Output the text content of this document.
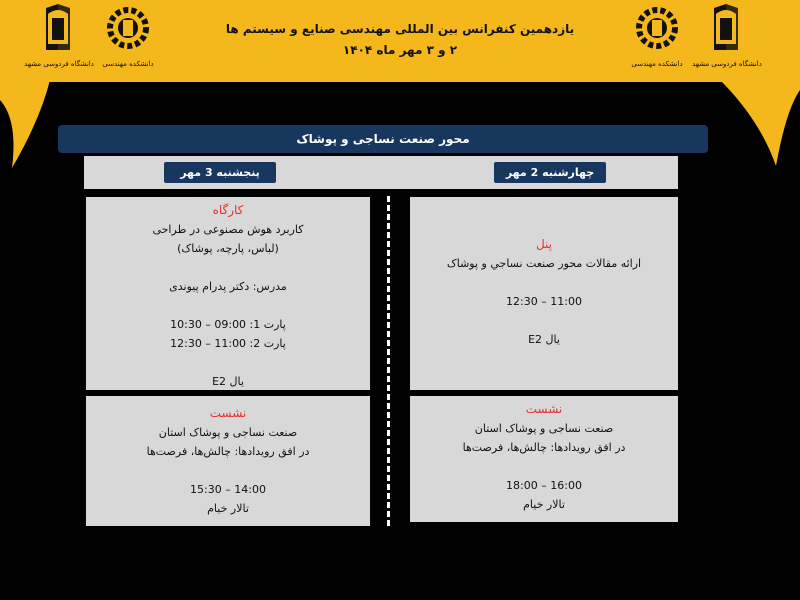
دانشگاه فردوسی مشهد دانشکده مهندسی
یازدهمین کنفرانس بین المللی مهندسی صنایع و سیستم ها
۲ و ۳ مهر ماه ۱۴۰۴
دانشکده مهندسی دانشگاه فردوسی مشهد
محور صنعت نساجی و پوشاک
پنجشنبه 3 مهر	چهارشنبه 2 مهر
کارگاه
کاربرد هوش مصنوعی در طراحی
(لباس، پارچه، پوشاک)
مدرس: دکتر پدرام پیوندی
پارت 1: 09:00 – 10:30
پارت 2: 11:00 – 12:30
یال E2
پنل
ارائه مقالات محور صنعت نساجي و پوشاک
11:00 – 12:30
یال E2
نشست
صنعت نساجی و پوشاک استان
در افق رویدادها: چالش‌ها، فرصت‌ها
14:00 – 15:30
تالار خیام
نشست
صنعت نساجی و پوشاک استان
در افق رویدادها: چالش‌ها، فرصت‌ها
16:00 – 18:00
تالار خیام
